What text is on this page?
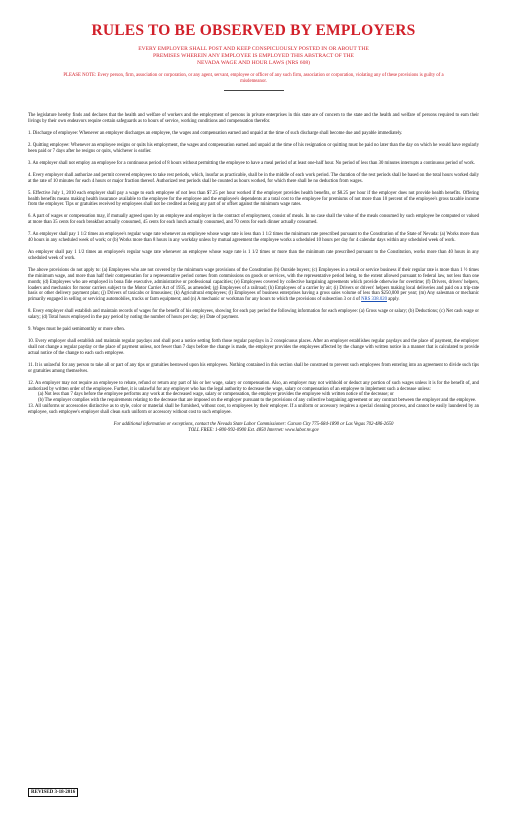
RULES TO BE OBSERVED BY EMPLOYERS
EVERY EMPLOYER SHALL POST AND KEEP CONSPICUOUSLY POSTED IN OR ABOUT THE
PREMISES WHEREIN ANY EMPLOYEE IS EMPLOYED THIS ABSTRACT OF THE
NEVADA WAGE AND HOUR LAWS (NRS 608)
PLEASE NOTE: Every person, firm, association or corporation, or any agent, servant, employee or officer of any such firm, association or corporation, violating any of these provisions is guilty of a misdemeanor.

The legislature hereby finds and declares that the health and welfare of workers and the employment of persons in private enterprises in this state are of concern to the state and the health and welfare of persons required to earn their livings by their own endeavors require certain safeguards as to hours of service, working conditions and compensation therefor.

1. Discharge of employee: Whenever an employer discharges an employee, the wages and compensation earned and unpaid at the time of such discharge shall become due and payable immediately.

2. Quitting employee: Whenever an employee resigns or quits his employment, the wages and compensation earned and unpaid at the time of his resignation or quitting must be paid no later than the day on which he would have regularly been paid or 7 days after he resigns or quits, whichever is earlier.

3. An employer shall not employ an employee for a continuous period of 8 hours without permitting the employee to have a meal period of at least one-half hour. No period of less than 30 minutes interrupts a continuous period of work.

4. Every employer shall authorize and permit covered employees to take rest periods, which, insofar as practicable, shall be in the middle of each work period. The duration of the rest periods shall be based on the total hours worked daily at the rate of 10 minutes for each 4 hours or major fraction thereof. Authorized rest periods shall be counted as hours worked, for which there shall be no deduction from wages.

5. Effective July 1, 2010 each employer shall pay a wage to each employee of not less than $7.25 per hour worked if the employer provides health benefits, or $8.25 per hour if the employer does not provide health benefits. Offering health benefits means making health insurance available to the employee for the employee and the employee's dependents at a total cost to the employee for premiums of not more than 10 percent of the employee's gross taxable income from the employer. Tips or gratuities received by employees shall not be credited as being any part of or offset against the minimum wage rates.

6. A part of wages or compensation may, if mutually agreed upon by an employee and employer in the contract of employment, consist of meals. In no case shall the value of the meals consumed by such employee be computed or valued at more than 35 cents for each breakfast actually consumed, 45 cents for each lunch actually consumed, and 70 cents for each dinner actually consumed.

7. An employer shall pay 1 1/2 times an employee's regular wage rate whenever an employee whose wage rate is less than 1 1/2 times the minimum rate prescribed pursuant to the Constitution of the State of Nevada: (a) Works more than 40 hours in any scheduled week of work; or (b) Works more than 8 hours in any workday unless by mutual agreement the employee works a scheduled 10 hours per day for 4 calendar days within any scheduled week of work.

An employer shall pay 1 1/2 times an employee's regular wage rate whenever an employee whose wage rate is 1 1/2 times or more than the minimum rate prescribed pursuant to the Constitution, works more than 40 hours in any scheduled week of work.

The above provisions do not apply to: (a) Employees who are not covered by the minimum wage provisions of the Constitution (b) Outside buyers; (c) Employees in a retail or service business if their regular rate is more than 1 ½ times the minimum wage, and more than half their compensation for a representative period comes from commissions on goods or services, with the representative period being, to the extent allowed pursuant to federal law, not less than one month; (d) Employees who are employed in bona fide executive, administrative or professional capacities; (e) Employees covered by collective bargaining agreements which provide otherwise for overtime; (f) Drivers, drivers' helpers, loaders and mechanics for motor carriers subject to the Motor Carrier Act of 1935, as amended; (g) Employees of a railroad; (h) Employees of a carrier by air; (i) Drivers or drivers' helpers making local deliveries and paid on a trip-rate basis or other delivery payment plan; (j) Drivers of taxicabs or limousines; (k) Agricultural employees; (l) Employees of business enterprises having a gross sales volume of less than $250,000 per year; (m) Any salesman or mechanic primarily engaged in selling or servicing automobiles, trucks or farm equipment; and (n) A mechanic or workman for any hours to which the provisions of subsection 3 or 4 of NRS 338.020 apply.

8. Every employer shall establish and maintain records of wages for the benefit of his employees, showing for each pay period the following information for each employee: (a) Gross wage or salary; (b) Deductions; (c) Net cash wage or salary; (d) Total hours employed in the pay period by noting the number of hours per day; (e) Date of payment.

9. Wages must be paid semimonthly or more often.

10. Every employer shall establish and maintain regular paydays and shall post a notice setting forth those regular paydays in 2 conspicuous places. After an employer establishes regular paydays and the place of payment, the employer shall not change a regular payday or the place of payment unless, not fewer than 7 days before the change is made, the employer provides the employees affected by the change with written notice in a manner that is calculated to provide actual notice of the change to each such employee.

11. It is unlawful for any person to take all or part of any tips or gratuities bestowed upon his employees. Nothing contained in this section shall be construed to prevent such employees from entering into an agreement to divide such tips or gratuities among themselves.

12. An employer may not require an employee to rebate, refund or return any part of his or her wage, salary or compensation. Also, an employer may not withhold or deduct any portion of such wages unless it is for the benefit of, and authorized by written order of the employee. Further, it is unlawful for any employer who has the legal authority to decrease the wage, salary or compensation of an employee to implement such a decrease unless:

(a) Not less than 7 days before the employee performs any work at the decreased wage, salary or compensation, the employer provides the employee with written notice of the decrease; or

(b) The employer complies with the requirements relating to the decrease that are imposed on the employer pursuant to the provisions of any collective bargaining agreement or any contract between the employer and the employee.

13. All uniforms or accessories distinctive as to style, color or material shall be furnished, without cost, to employees by their employer. If a uniform or accessory requires a special cleaning process, and cannot be easily laundered by an employee, such employee's employer shall clean such uniform or accessory without cost to such employee.

For additional information or exceptions, contact the Nevada State Labor Commissioner: Carson City 775-684-1890 or Las Vegas 702-486-2650
TOLL FREE: 1-800-992-0900 Ext. 4850 Internet: www.labor.nv.gov
REVISED 3-18-2016
